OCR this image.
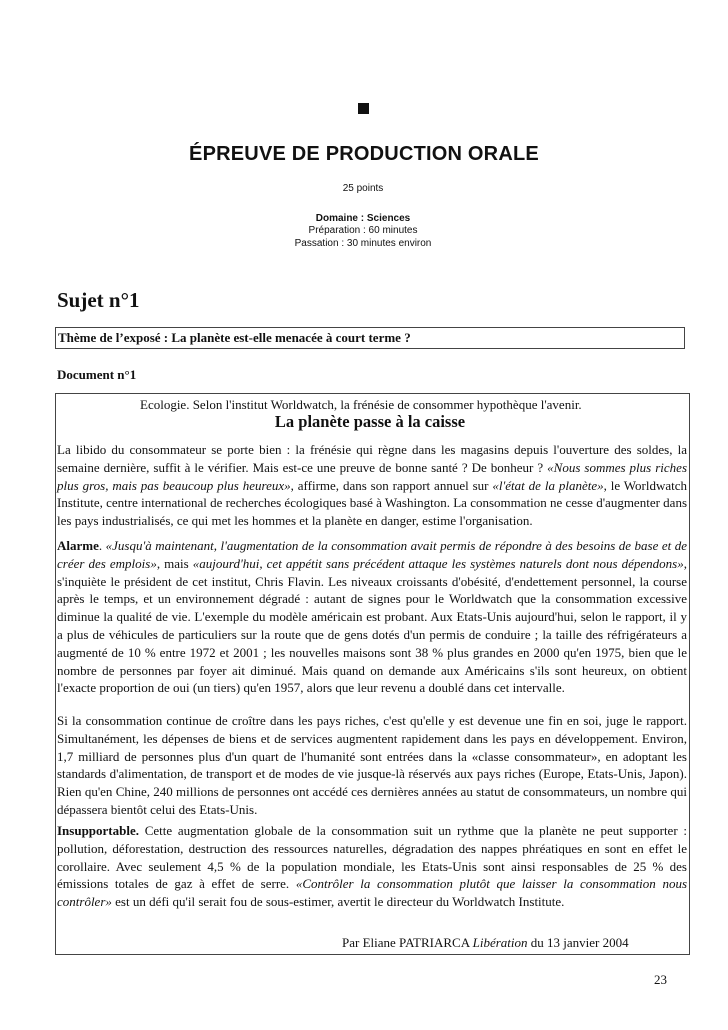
ÉPREUVE DE PRODUCTION ORALE
25 points
Domaine : Sciences
Préparation : 60 minutes
Passation : 30 minutes environ
Sujet n°1
Thème de l’exposé : La planète est-elle menacée à court terme ?
Document n°1
Ecologie. Selon l'institut Worldwatch, la frénésie de consommer hypothèque l'avenir.
La planète passe à la caisse
La libido du consommateur se porte bien : la frénésie qui règne dans les magasins depuis l'ouverture des soldes, la semaine dernière, suffit à le vérifier. Mais est-ce une preuve de bonne santé ? De bonheur ? «Nous sommes plus riches plus gros, mais pas beaucoup plus heureux», affirme, dans son rapport annuel sur «l'état de la planète», le Worldwatch Institute, centre international de recherches écologiques basé à Washington. La consommation ne cesse d'augmenter dans les pays industrialisés, ce qui met les hommes et la planète en danger, estime l'organisation.
Alarme. «Jusqu'à maintenant, l'augmentation de la consommation avait permis de répondre à des besoins de base et de créer des emplois», mais «aujourd'hui, cet appétit sans précédent attaque les systèmes naturels dont nous dépendons», s'inquiète le président de cet institut, Chris Flavin. Les niveaux croissants d'obésité, d'endettement personnel, la course après le temps, et un environnement dégradé : autant de signes pour le Worldwatch que la consommation excessive diminue la qualité de vie. L'exemple du modèle américain est probant. Aux Etats-Unis aujourd'hui, selon le rapport, il y a plus de véhicules de particuliers sur la route que de gens dotés d'un permis de conduire ; la taille des réfrigérateurs a augmenté de 10 % entre 1972 et 2001 ; les nouvelles maisons sont 38 % plus grandes en 2000 qu'en 1975, bien que le nombre de personnes par foyer ait diminué. Mais quand on demande aux Américains s'ils sont heureux, on obtient l'exacte proportion de oui (un tiers) qu'en 1957, alors que leur revenu a doublé dans cet intervalle.
Si la consommation continue de croître dans les pays riches, c'est qu'elle y est devenue une fin en soi, juge le rapport. Simultanément, les dépenses de biens et de services augmentent rapidement dans les pays en développement. Environ, 1,7 milliard de personnes plus d'un quart de l'humanité sont entrées dans la «classe consommateur», en adoptant les standards d'alimentation, de transport et de modes de vie jusque-là réservés aux pays riches (Europe, Etats-Unis, Japon). Rien qu'en Chine, 240 millions de personnes ont accédé ces dernières années au statut de consommateurs, un nombre qui dépassera bientôt celui des Etats-Unis.
Insupportable. Cette augmentation globale de la consommation suit un rythme que la planète ne peut supporter : pollution, déforestation, destruction des ressources naturelles, dégradation des nappes phréatiques en sont en effet le corollaire. Avec seulement 4,5 % de la population mondiale, les Etats-Unis sont ainsi responsables de 25 % des émissions totales de gaz à effet de serre. «Contrôler la consommation plutôt que laisser la consommation nous contrôler» est un défi qu'il serait fou de sous-estimer, avertit le directeur du Worldwatch Institute.
Par Eliane PATRIARCA Libération du 13 janvier 2004
23
